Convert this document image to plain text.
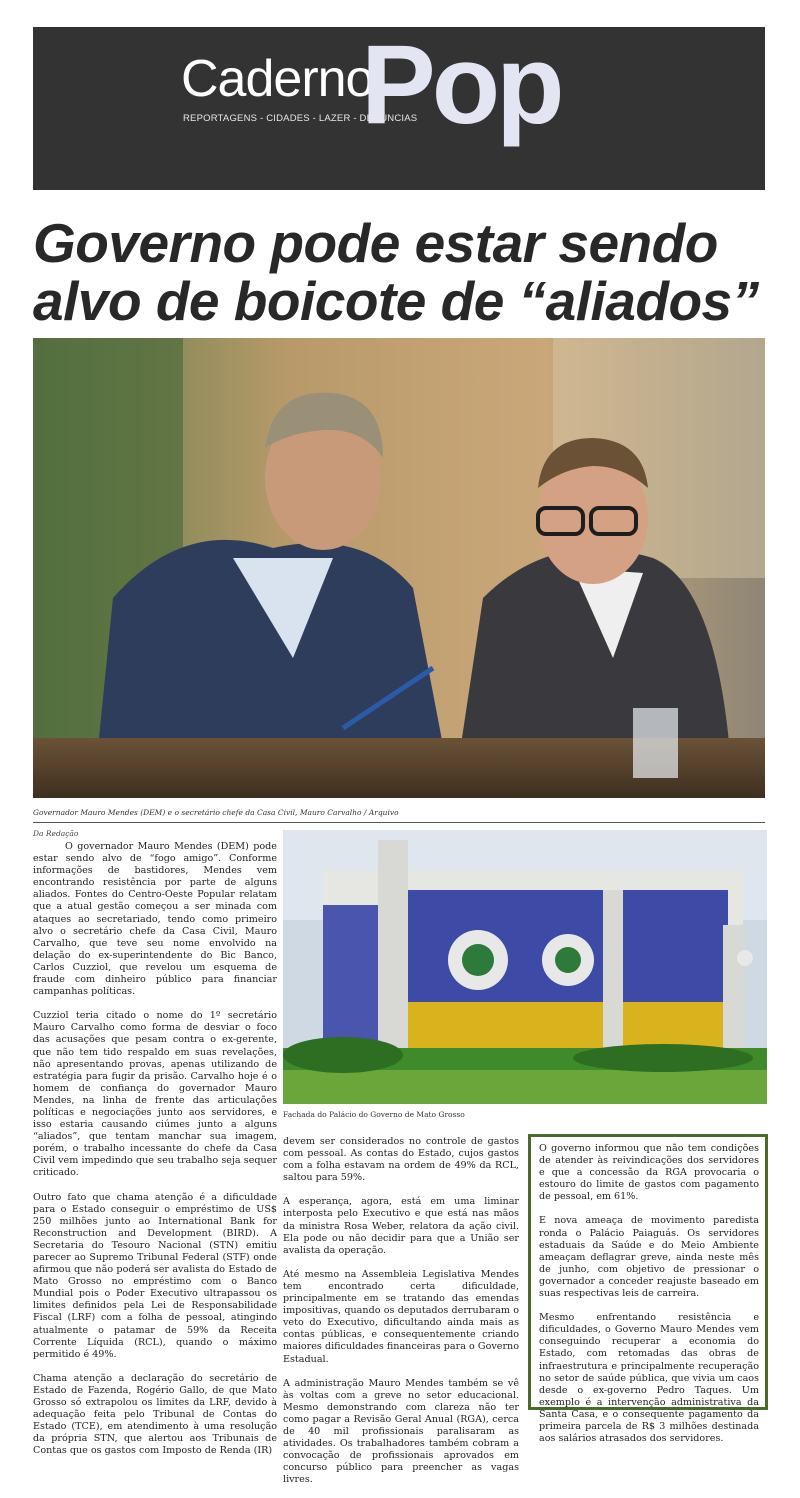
Caderno
Pop
REPORTAGENS - CIDADES - LAZER - DENÚNCIAS
Governo pode estar sendo
alvo de boicote de “aliados”
Governador Mauro Mendes (DEM) e o secretário chefe da Casa Civil, Mauro Carvalho / Arquivo
Da Redação

O governador Mauro Mendes (DEM) pode estar sendo alvo de “fogo amigo”. Conforme informações de bastidores, Mendes vem encontrando resistência por parte de alguns aliados. Fontes do Centro-Oeste Popular relatam que a atual gestão começou a ser minada com ataques ao secretariado, tendo como primeiro alvo o secretário chefe da Casa Civil, Mauro Carvalho, que teve seu nome envolvido na delação do ex-superintendente do Bic Banco, Carlos Cuzziol, que revelou um esquema de fraude com dinheiro público para financiar campanhas políticas.

Cuzziol teria citado o nome do 1º secretário Mauro Carvalho como forma de desviar o foco das acusações que pesam contra o ex-gerente, que não tem tido respaldo em suas revelações, não apresentando provas, apenas utilizando de estratégia para fugir da prisão. Carvalho hoje é o homem de confiança do governador Mauro Mendes, na linha de frente das articulações políticas e negociações junto aos servidores, e isso estaria causando ciúmes junto a alguns “aliados”, que tentam manchar sua imagem, porém, o trabalho incessante do chefe da Casa Civil vem impedindo que seu trabalho seja sequer criticado.

Outro fato que chama atenção é a dificuldade para o Estado conseguir o empréstimo de US$ 250 milhões junto ao International Bank for Reconstruction and Development (BIRD). A Secretaria do Tesouro Nacional (STN) emitiu parecer ao Supremo Tribunal Federal (STF) onde afirmou que não poderá ser avalista do Estado de Mato Grosso no empréstimo com o Banco Mundial pois o Poder Executivo ultrapassou os limites definidos pela Lei de Responsabilidade Fiscal (LRF) com a folha de pessoal, atingindo atualmente o patamar de 59% da Receita Corrente Líquida (RCL), quando o máximo permitido é 49%.

Chama atenção a declaração do secretário de Estado de Fazenda, Rogério Gallo, de que Mato Grosso só extrapolou os limites da LRF, devido à adequação feita pelo Tribunal de Contas do Estado (TCE), em atendimento à uma resolução da própria STN, que alertou aos Tribunais de Contas que os gastos com Imposto de Renda (IR)

Fachada do Palácio do Governo de Mato Grosso

devem ser considerados no controle de gastos com pessoal. As contas do Estado, cujos gastos com a folha estavam na ordem de 49% da RCL, saltou para 59%.

A esperança, agora, está em uma liminar interposta pelo Executivo e que está nas mãos da ministra Rosa Weber, relatora da ação civil. Ela pode ou não decidir para que a União ser avalista da operação.

Até mesmo na Assembleia Legislativa Mendes tem encontrado certa dificuldade, principalmente em se tratando das emendas impositivas, quando os deputados derrubaram o veto do Executivo, dificultando ainda mais as contas públicas, e consequentemente criando maiores dificuldades financeiras para o Governo Estadual.

A administração Mauro Mendes também se vê às voltas com a greve no setor educacional. Mesmo demonstrando com clareza não ter como pagar a Revisão Geral Anual (RGA), cerca de 40 mil profissionais paralisaram as atividades. Os trabalhadores também cobram a convocação de profissionais aprovados em concurso público para preencher as vagas livres.

O governo informou que não tem condições de atender às reivindicações dos servidores e que a concessão da RGA provocaria o estouro do limite de gastos com pagamento de pessoal, em 61%.

E nova ameaça de movimento paredista ronda o Palácio Paiaguás. Os servidores estaduais da Saúde e do Meio Ambiente ameaçam deflagrar greve, ainda neste mês de junho, com objetivo de pressionar o governador a conceder reajuste baseado em suas respectivas leis de carreira.

Mesmo enfrentando resistência e dificuldades, o Governo Mauro Mendes vem conseguindo recuperar a economia do Estado, com retomadas das obras de infraestrutura e principalmente recuperação no setor de saúde pública, que vivia um caos desde o ex-governo Pedro Taques. Um exemplo é a intervenção administrativa da Santa Casa, e o consequente pagamento da primeira parcela de R$ 3 milhões destinada aos salários atrasados dos servidores.
